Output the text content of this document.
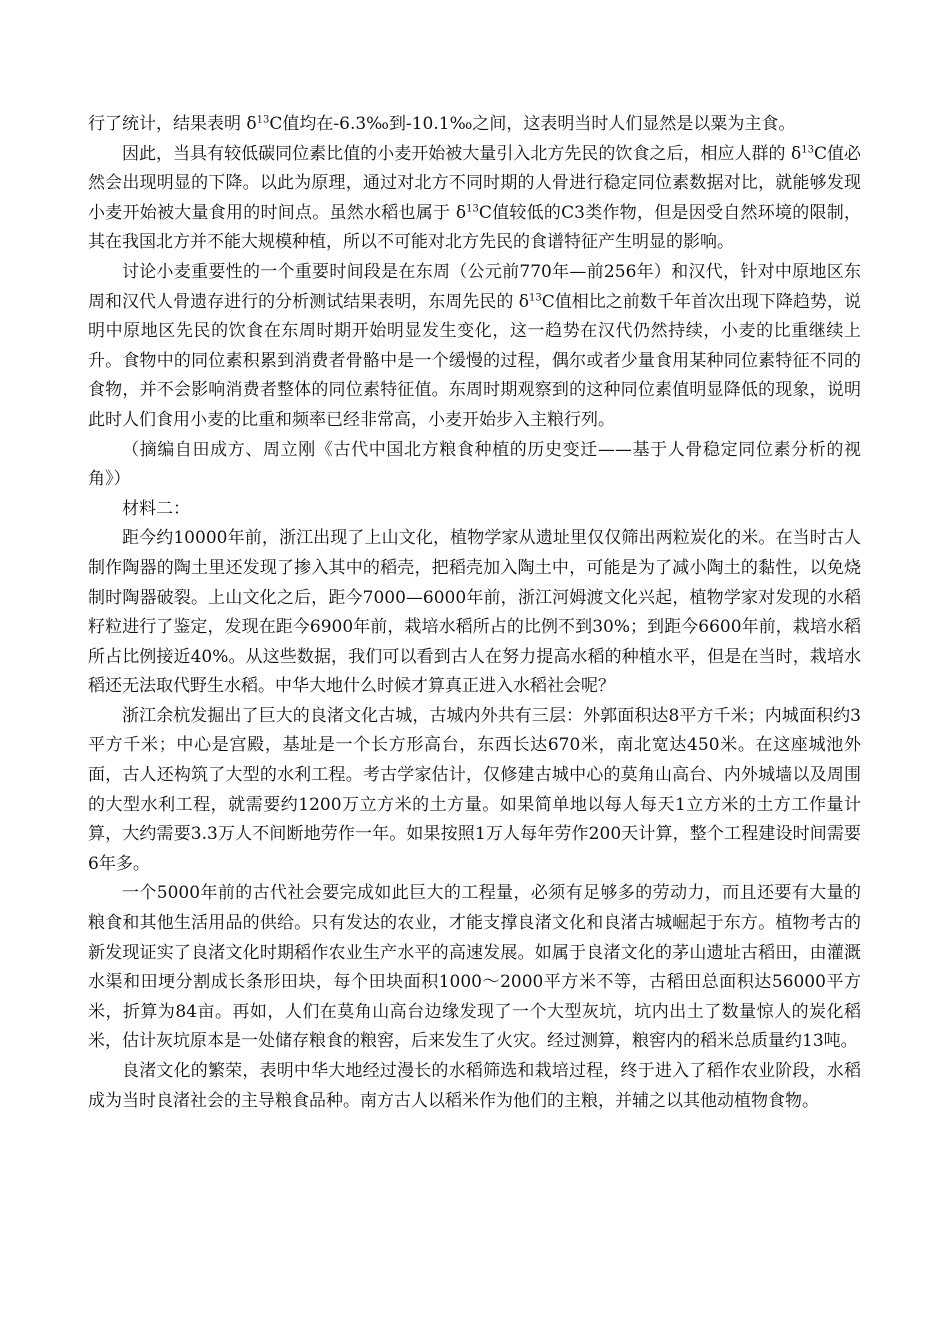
行了统计，结果表明 $\delta^{13}C$值均在-6.3‰到-10.1‰之间，这表明当时人们显然是以粟为主食。

因此，当具有较低碳同位素比值的小麦开始被大量引入北方先民的饮食之后，相应人群的 $\delta^{13}C$值必然会出现明显的下降。以此为原理，通过对北方不同时期的人骨进行稳定同位素数据对比，就能够发现小麦开始被大量食用的时间点。虽然水稻也属于 $\delta^{13}C$值较低的C3类作物，但是因受自然环境的限制，其在我国北方并不能大规模种植，所以不可能对北方先民的食谱特征产生明显的影响。

讨论小麦重要性的一个重要时间段是在东周（公元前770年—前256年）和汉代，针对中原地区东周和汉代人骨遗存进行的分析测试结果表明，东周先民的 $\delta^{13}C$值相比之前数千年首次出现下降趋势，说明中原地区先民的饮食在东周时期开始明显发生变化，这一趋势在汉代仍然持续，小麦的比重继续上升。食物中的同位素积累到消费者骨骼中是一个缓慢的过程，偶尔或者少量食用某种同位素特征不同的食物，并不会影响消费者整体的同位素特征值。东周时期观察到的这种同位素值明显降低的现象，说明此时人们食用小麦的比重和频率已经非常高，小麦开始步入主粮行列。

（摘编自田成方、周立刚《古代中国北方粮食种植的历史变迁——基于人骨稳定同位素分析的视角》）

材料二：

距今约10000年前，浙江出现了上山文化，植物学家从遗址里仅仅筛出两粒炭化的米。在当时古人制作陶器的陶土里还发现了掺入其中的稻壳，把稻壳加入陶土中，可能是为了减小陶土的黏性，以免烧制时陶器破裂。上山文化之后，距今7000—6000年前，浙江河姆渡文化兴起，植物学家对发现的水稻籽粒进行了鉴定，发现在距今6900年前，栽培水稻所占的比例不到30%；到距今6600年前，栽培水稻所占比例接近40%。从这些数据，我们可以看到古人在努力提高水稻的种植水平，但是在当时，栽培水稻还无法取代野生水稻。中华大地什么时候才算真正进入水稻社会呢？

浙江余杭发掘出了巨大的良渚文化古城，古城内外共有三层：外郭面积达8平方千米；内城面积约3平方千米；中心是宫殿，基址是一个长方形高台，东西长达670米，南北宽达450米。在这座城池外面，古人还构筑了大型的水利工程。考古学家估计，仅修建古城中心的莫角山高台、内外城墙以及周围的大型水利工程，就需要约1200万立方米的土方量。如果简单地以每人每天1立方米的土方工作量计算，大约需要3.3万人不间断地劳作一年。如果按照1万人每年劳作200天计算，整个工程建设时间需要6年多。

一个5000年前的古代社会要完成如此巨大的工程量，必须有足够多的劳动力，而且还要有大量的粮食和其他生活用品的供给。只有发达的农业，才能支撑良渚文化和良渚古城崛起于东方。植物考古的新发现证实了良渚文化时期稻作农业生产水平的高速发展。如属于良渚文化的茅山遗址古稻田，由灌溉水渠和田埂分割成长条形田块，每个田块面积1000～2000平方米不等，古稻田总面积达56000平方米，折算为84亩。再如，人们在莫角山高台边缘发现了一个大型灰坑，坑内出土了数量惊人的炭化稻米，估计灰坑原本是一处储存粮食的粮窖，后来发生了火灾。经过测算，粮窖内的稻米总质量约13吨。

良渚文化的繁荣，表明中华大地经过漫长的水稻筛选和栽培过程，终于进入了稻作农业阶段，水稻成为当时良渚社会的主导粮食品种。南方古人以稻米作为他们的主粮，并辅之以其他动植物食物。
